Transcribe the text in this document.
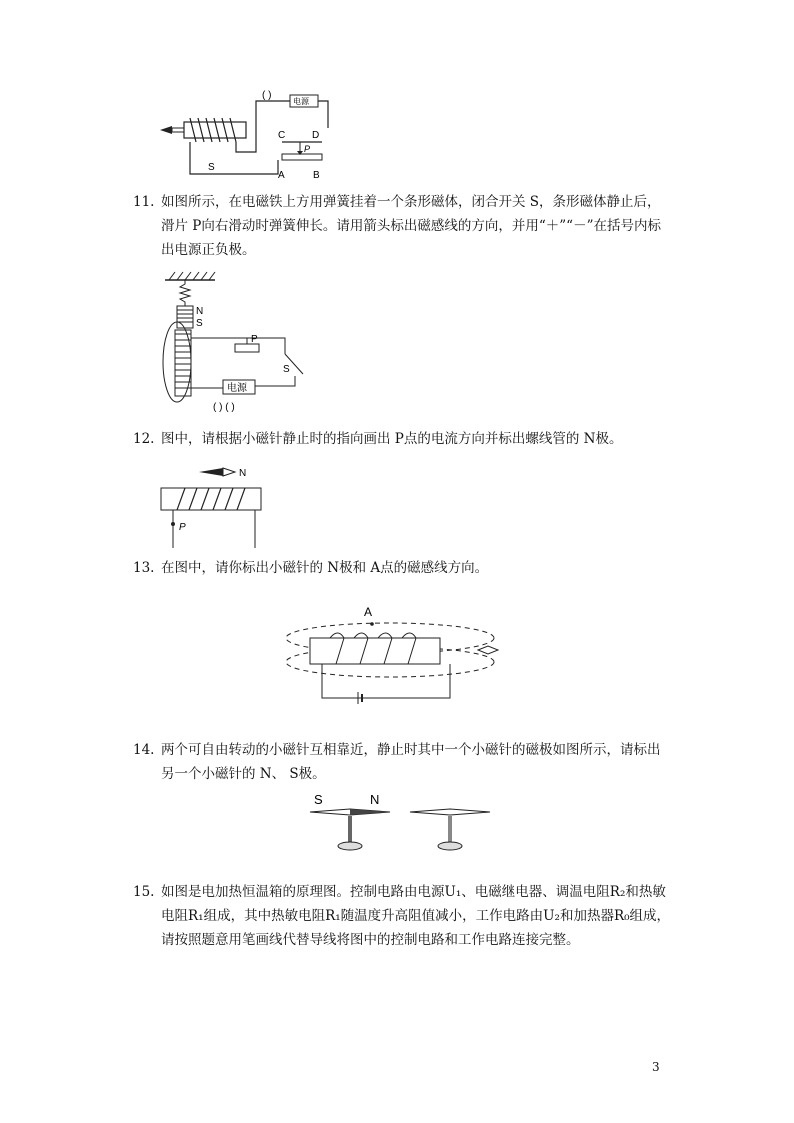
电源
( )
S
C	D
P
A	B
11. 如图所示，在电磁铁上方用弹簧挂着一个条形磁体，闭合开关 S，条形磁体静止后，滑片 P向右滑动时弹簧伸长。请用箭头标出磁感线的方向，并用“＋”“－”在括号内标出电源正负极。
N
S
P
S
电源
( ) ( )
12. 图中，请根据小磁针静止时的指向画出 P点的电流方向并标出螺线管的 N极。
N
P
13. 在图中，请你标出小磁针的 N极和 A点的磁感线方向。
A
14. 两个可自由转动的小磁针互相靠近，静止时其中一个小磁针的磁极如图所示，请标出另一个小磁针的 N、 S极。
S	N
15. 如图是电加热恒温箱的原理图。控制电路由电源U₁、电磁继电器、调温电阻R₂和热敏电阻R₁组成，其中热敏电阻R₁随温度升高阻值减小，工作电路由U₂和加热器R₀组成，请按照题意用笔画线代替导线将图中的控制电路和工作电路连接完整。
3
